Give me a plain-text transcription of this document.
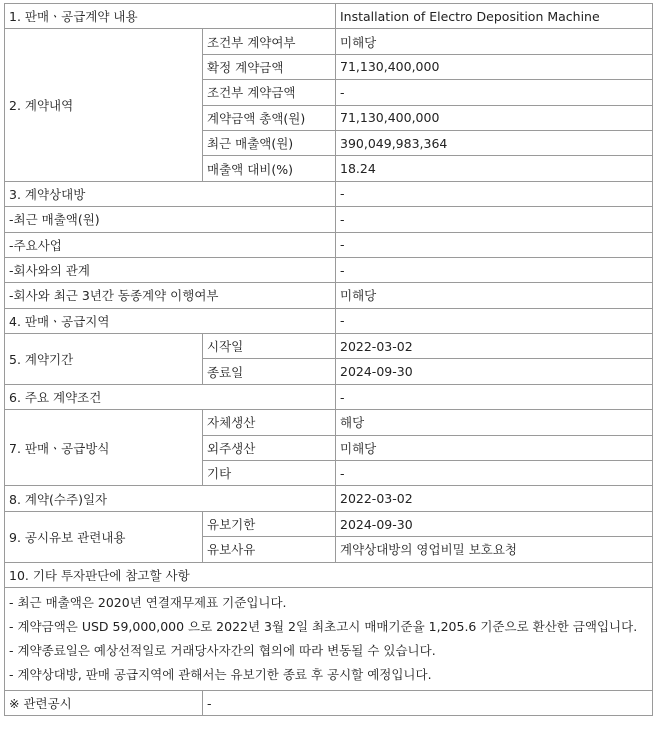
1. 판매ㆍ공급계약 내용		Installation of Electro Deposition Machine
2. 계약내역	조건부 계약여부	미해당
	확정 계약금액	71,130,400,000
	조건부 계약금액	-
	계약금액 총액(원)	71,130,400,000
	최근 매출액(원)	390,049,983,364
	매출액 대비(%)	18.24
3. 계약상대방		-
-최근 매출액(원)		-
-주요사업		-
-회사와의 관계		-
-회사와 최근 3년간 동종계약 이행여부		미해당
4. 판매ㆍ공급지역		-
5. 계약기간	시작일	2022-03-02
	종료일	2024-09-30
6. 주요 계약조건		-
7. 판매ㆍ공급방식	자체생산	해당
	외주생산	미해당
	기타	-
8. 계약(수주)일자		2022-03-02
9. 공시유보 관련내용	유보기한	2024-09-30
	유보사유	계약상대방의 영업비밀 보호요청
10. 기타 투자판단에 참고할 사항		

- 최근 매출액은 2020년 연결재무제표 기준입니다.
- 계약금액은 USD 59,000,000 으로 2022년 3월 2일 최초고시 매매기준율 1,205.6 기준으로 환산한 금액입니다.
- 계약종료일은 예상선적일로 거래당사자간의 협의에 따라 변동될 수 있습니다.
- 계약상대방, 판매 공급지역에 관해서는 유보기한 종료 후 공시할 예정입니다.		

※ 관련공시	-	
